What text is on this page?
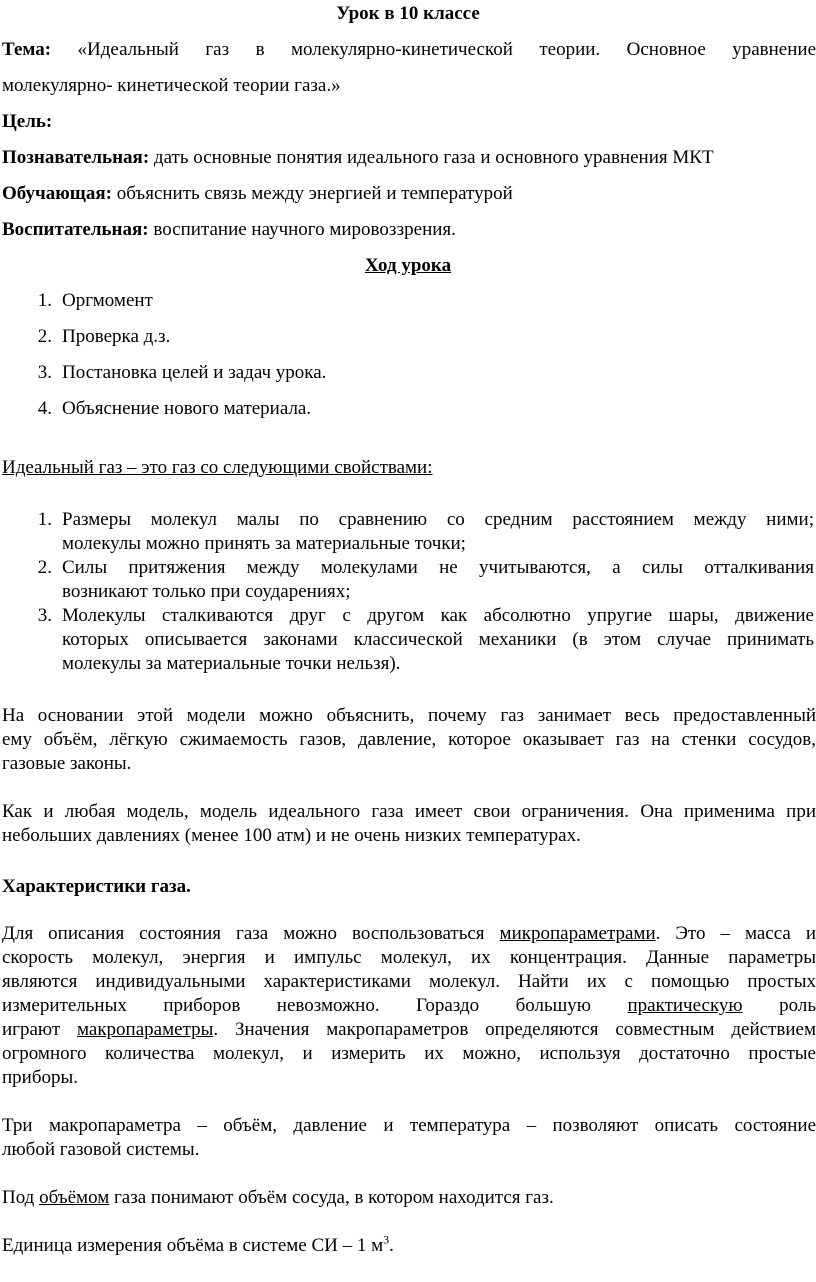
Урок в 10 классе
Тема: «Идеальный газ в молекулярно-кинетической теории. Основное уравнение
молекулярно- кинетической теории газа.»
Цель:
Познавательная: дать основные понятия идеального газа и основного уравнения МКТ
Обучающая: объяснить связь между энергией и температурой
Воспитательная: воспитание научного мировоззрения.
Ход урока
1. Оргмомент
2. Проверка д.з.
3. Постановка целей и задач урока.
4. Объяснение нового материала.
Идеальный газ – это газ со следующими свойствами:
1. Размеры молекул малы по сравнению со средним расстоянием между ними;
молекулы можно принять за материальные точки;
2. Силы притяжения между молекулами не учитываются, а силы отталкивания
возникают только при соударениях;
3. Молекулы сталкиваются друг с другом как абсолютно упругие шары, движение
которых описывается законами классической механики (в этом случае принимать
молекулы за материальные точки нельзя).
На основании этой модели можно объяснить, почему газ занимает весь предоставленный
ему объём, лёгкую сжимаемость газов, давление, которое оказывает газ на стенки сосудов,
газовые законы.
Как и любая модель, модель идеального газа имеет свои ограничения. Она применима при
небольших давлениях (менее 100 атм) и не очень низких температурах.
Характеристики газа.
Для описания состояния газа можно воспользоваться микропараметрами. Это – масса и
скорость молекул, энергия и импульс молекул, их концентрация. Данные параметры
являются индивидуальными характеристиками молекул. Найти их с помощью простых
измерительных приборов невозможно. Гораздо большую практическую роль
играют макропараметры. Значения макропараметров определяются совместным действием
огромного количества молекул, и измерить их можно, используя достаточно простые
приборы.
Три макропараметра – объём, давление и температура – позволяют описать состояние
любой газовой системы.
Под объёмом газа понимают объём сосуда, в котором находится газ.
Единица измерения объёма в системе СИ – 1 $м^3$.
